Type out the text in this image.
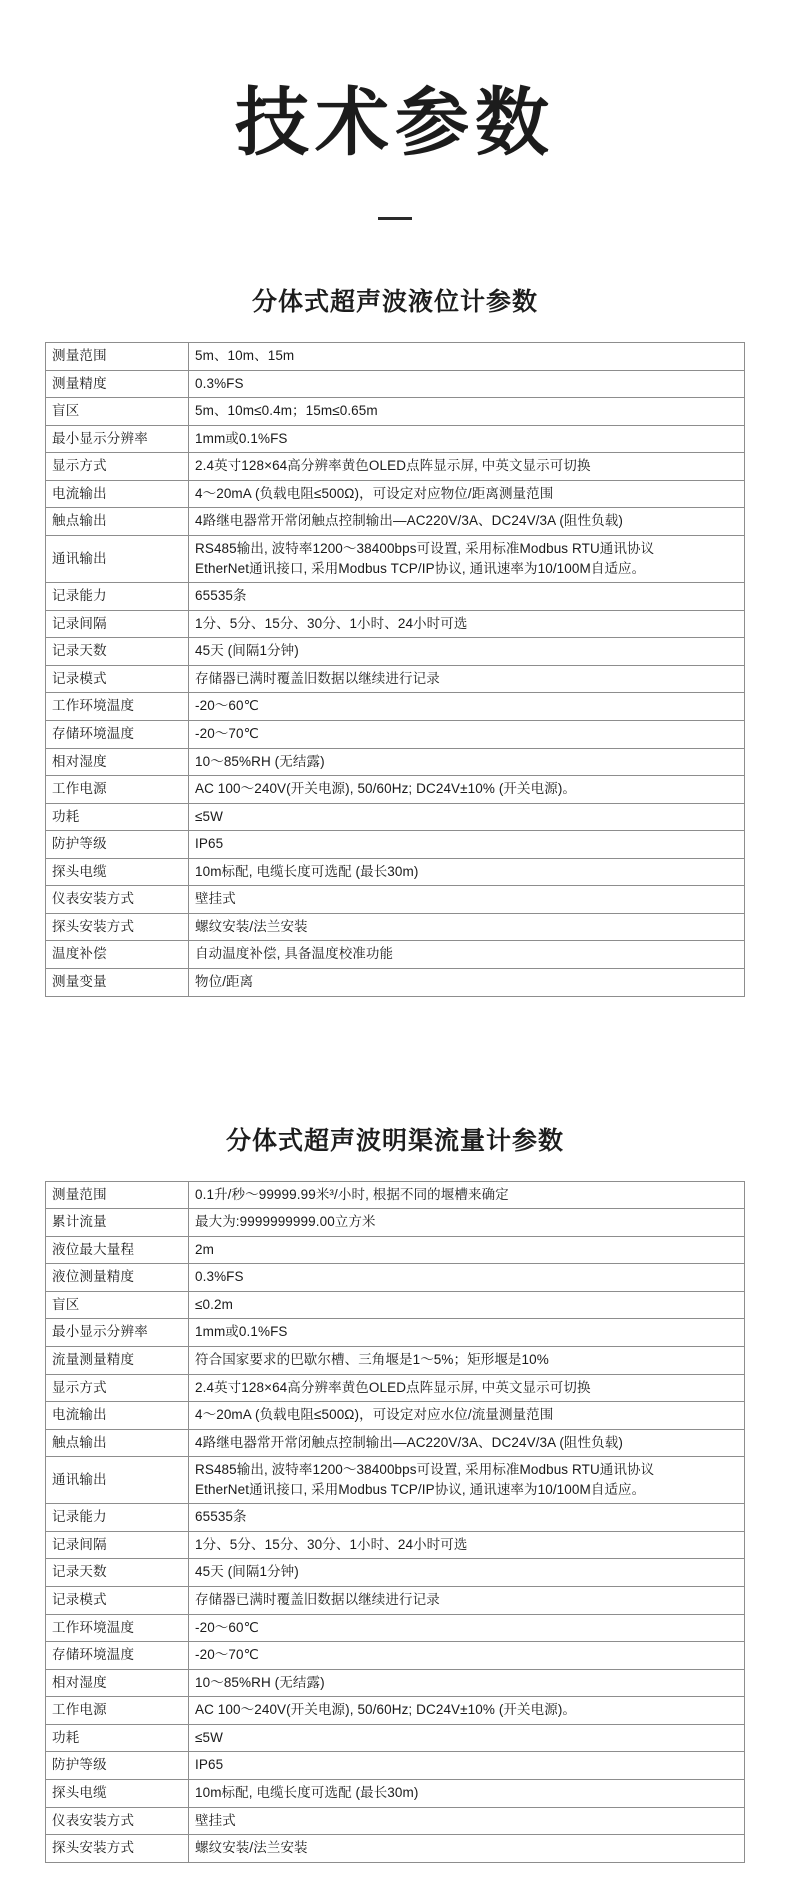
技术参数
分体式超声波液位计参数
测量范围	5m、10m、15m
测量精度	0.3%FS
盲区	5m、10m≤0.4m；15m≤0.65m
最小显示分辨率	1mm或0.1%FS
显示方式	2.4英寸128×64高分辨率黄色OLED点阵显示屏, 中英文显示可切换
电流输出	4～20mA (负载电阻≤500Ω)，可设定对应物位/距离测量范围
触点输出	4路继电器常开常闭触点控制输出—AC220V/3A、DC24V/3A (阻性负载)
通讯输出	RS485输出, 波特率1200～38400bps可设置, 采用标准Modbus RTU通讯协议
EtherNet通讯接口, 采用Modbus TCP/IP协议, 通讯速率为10/100M自适应。

记录能力	65535条
记录间隔	1分、5分、15分、30分、1小时、24小时可选
记录天数	45天 (间隔1分钟)
记录模式	存储器已满时覆盖旧数据以继续进行记录
工作环境温度	-20～60℃
存储环境温度	-20～70℃
相对湿度	10～85%RH (无结露)
工作电源	AC 100～240V(开关电源), 50/60Hz; DC24V±10% (开关电源)。
功耗	≤5W
防护等级	IP65
探头电缆	10m标配, 电缆长度可选配 (最长30m)
仪表安装方式	壁挂式
探头安装方式	螺纹安装/法兰安装
温度补偿	自动温度补偿, 具备温度校准功能
测量变量	物位/距离
分体式超声波明渠流量计参数
测量范围	0.1升/秒～99999.99米³/小时, 根据不同的堰槽来确定
累计流量	最大为:9999999999.00立方米
液位最大量程	2m
液位测量精度	0.3%FS
盲区	≤0.2m
最小显示分辨率	1mm或0.1%FS
流量测量精度	符合国家要求的巴歇尔槽、三角堰是1～5%；矩形堰是10%
显示方式	2.4英寸128×64高分辨率黄色OLED点阵显示屏, 中英文显示可切换
电流输出	4～20mA (负载电阻≤500Ω)，可设定对应水位/流量测量范围
触点输出	4路继电器常开常闭触点控制输出—AC220V/3A、DC24V/3A (阻性负载)
通讯输出	RS485输出, 波特率1200～38400bps可设置, 采用标准Modbus RTU通讯协议
EtherNet通讯接口, 采用Modbus TCP/IP协议, 通讯速率为10/100M自适应。

记录能力	65535条
记录间隔	1分、5分、15分、30分、1小时、24小时可选
记录天数	45天 (间隔1分钟)
记录模式	存储器已满时覆盖旧数据以继续进行记录
工作环境温度	-20～60℃
存储环境温度	-20～70℃
相对湿度	10～85%RH (无结露)
工作电源	AC 100～240V(开关电源), 50/60Hz; DC24V±10% (开关电源)。
功耗	≤5W
防护等级	IP65
探头电缆	10m标配, 电缆长度可选配 (最长30m)
仪表安装方式	壁挂式
探头安装方式	螺纹安装/法兰安装
